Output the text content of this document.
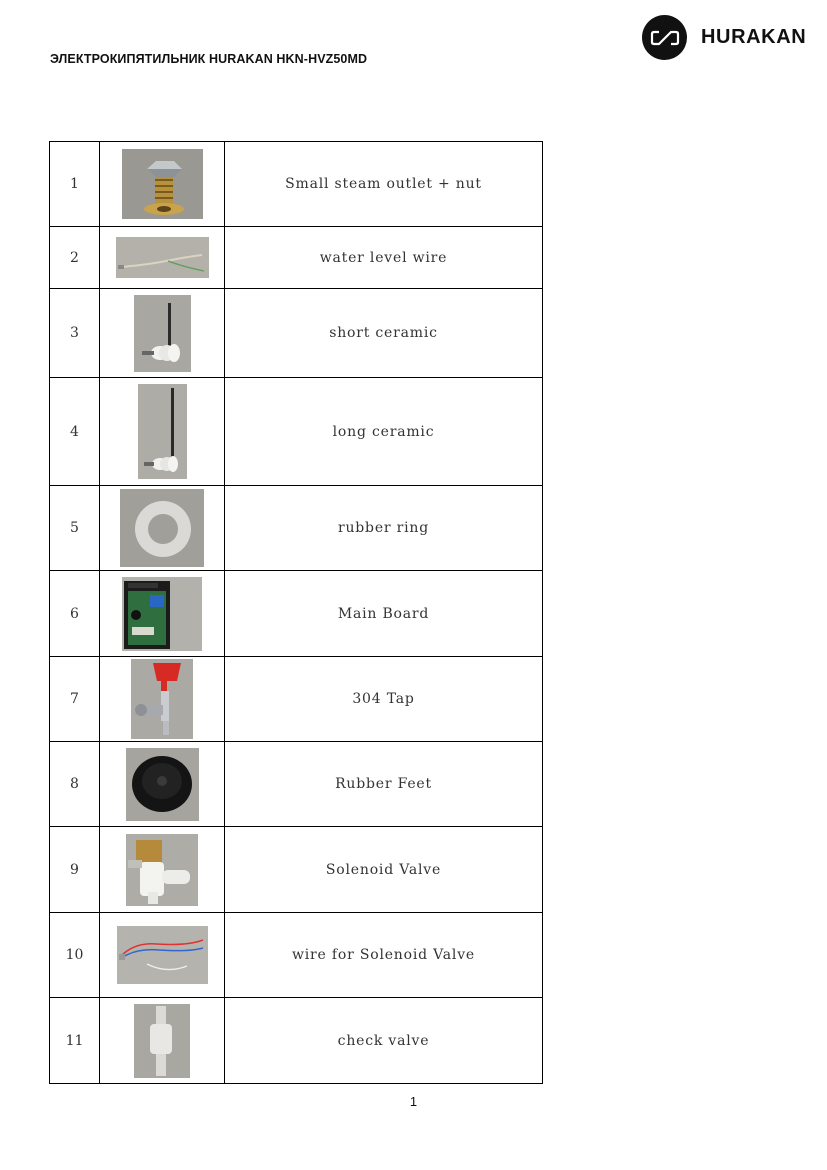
ЭЛЕКТРОКИПЯТИЛЬНИК HURAKAN HKN-HVZ50MD
HURAKAN
1		Small steam outlet + nut
2		water level wire
3		short ceramic
4		long ceramic
5		rubber ring
6		Main Board
7		304 Tap
8		Rubber Feet
9		Solenoid Valve
10		wire for Solenoid Valve
11		check valve
1
